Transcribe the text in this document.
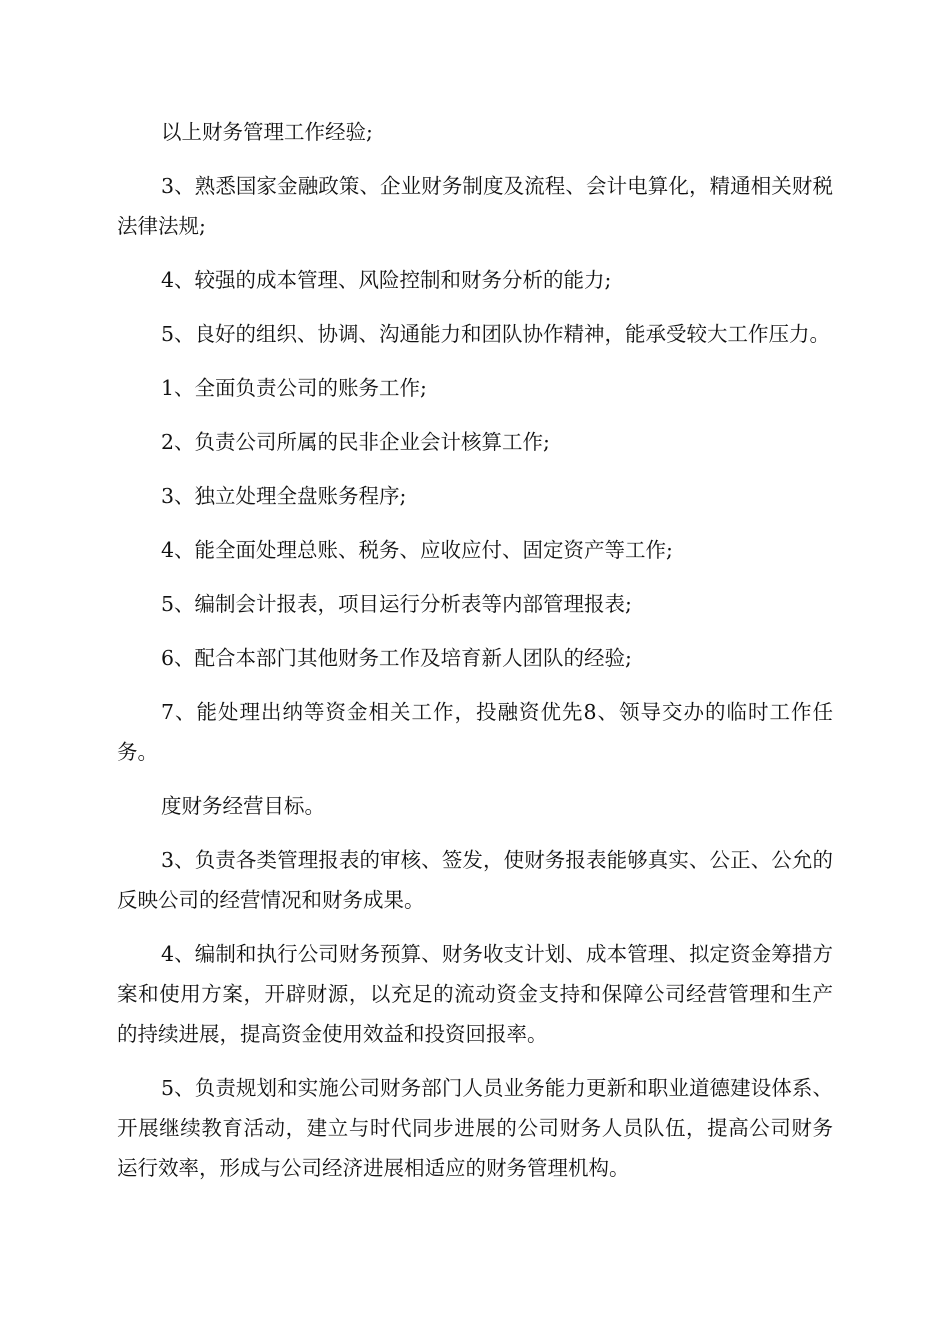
以上财务管理工作经验;

3、熟悉国家金融政策、企业财务制度及流程、会计电算化，精通相关财税法律法规;

4、较强的成本管理、风险控制和财务分析的能力;

5、良好的组织、协调、沟通能力和团队协作精神，能承受较大工作压力。

1、全面负责公司的账务工作;

2、负责公司所属的民非企业会计核算工作;

3、独立处理全盘账务程序;

4、能全面处理总账、税务、应收应付、固定资产等工作;

5、编制会计报表，项目运行分析表等内部管理报表;

6、配合本部门其他财务工作及培育新人团队的经验;

7、能处理出纳等资金相关工作，投融资优先8、领导交办的临时工作任务。

度财务经营目标。

3、负责各类管理报表的审核、签发，使财务报表能够真实、公正、公允的反映公司的经营情况和财务成果。

4、编制和执行公司财务预算、财务收支计划、成本管理、拟定资金筹措方案和使用方案，开辟财源，以充足的流动资金支持和保障公司经营管理和生产的持续进展，提高资金使用效益和投资回报率。

5、负责规划和实施公司财务部门人员业务能力更新和职业道德建设体系、开展继续教育活动，建立与时代同步进展的公司财务人员队伍，提高公司财务运行效率，形成与公司经济进展相适应的财务管理机构。
